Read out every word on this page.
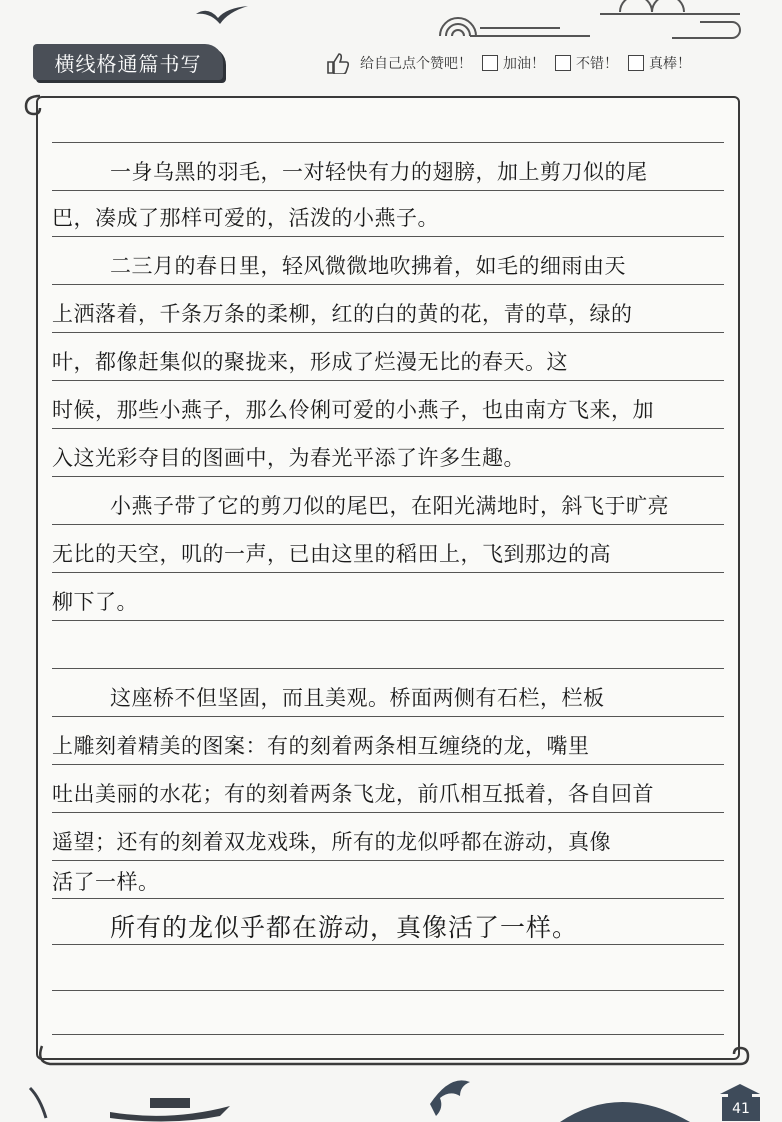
横线格通篇书写	给自己点个赞吧！ 加油！ 不错！ 真棒！
一身乌黑的羽毛，一对轻快有力的翅膀，加上剪刀似的尾
巴，凑成了那样可爱的，活泼的小燕子。
二三月的春日里，轻风微微地吹拂着，如毛的细雨由天
上洒落着，千条万条的柔柳，红的白的黄的花，青的草，绿的
叶，都像赶集似的聚拢来，形成了烂漫无比的春天。这
时候，那些小燕子，那么伶俐可爱的小燕子，也由南方飞来，加
入这光彩夺目的图画中，为春光平添了许多生趣。
小燕子带了它的剪刀似的尾巴，在阳光满地时，斜飞于旷亮
无比的天空，叽的一声，已由这里的稻田上，飞到那边的高
柳下了。
这座桥不但坚固，而且美观。桥面两侧有石栏，栏板
上雕刻着精美的图案：有的刻着两条相互缠绕的龙，嘴里
吐出美丽的水花；有的刻着两条飞龙，前爪相互抵着，各自回首
遥望；还有的刻着双龙戏珠，所有的龙似呼都在游动，真像
活了一样。
所有的龙似乎都在游动，真像活了一样。
41
